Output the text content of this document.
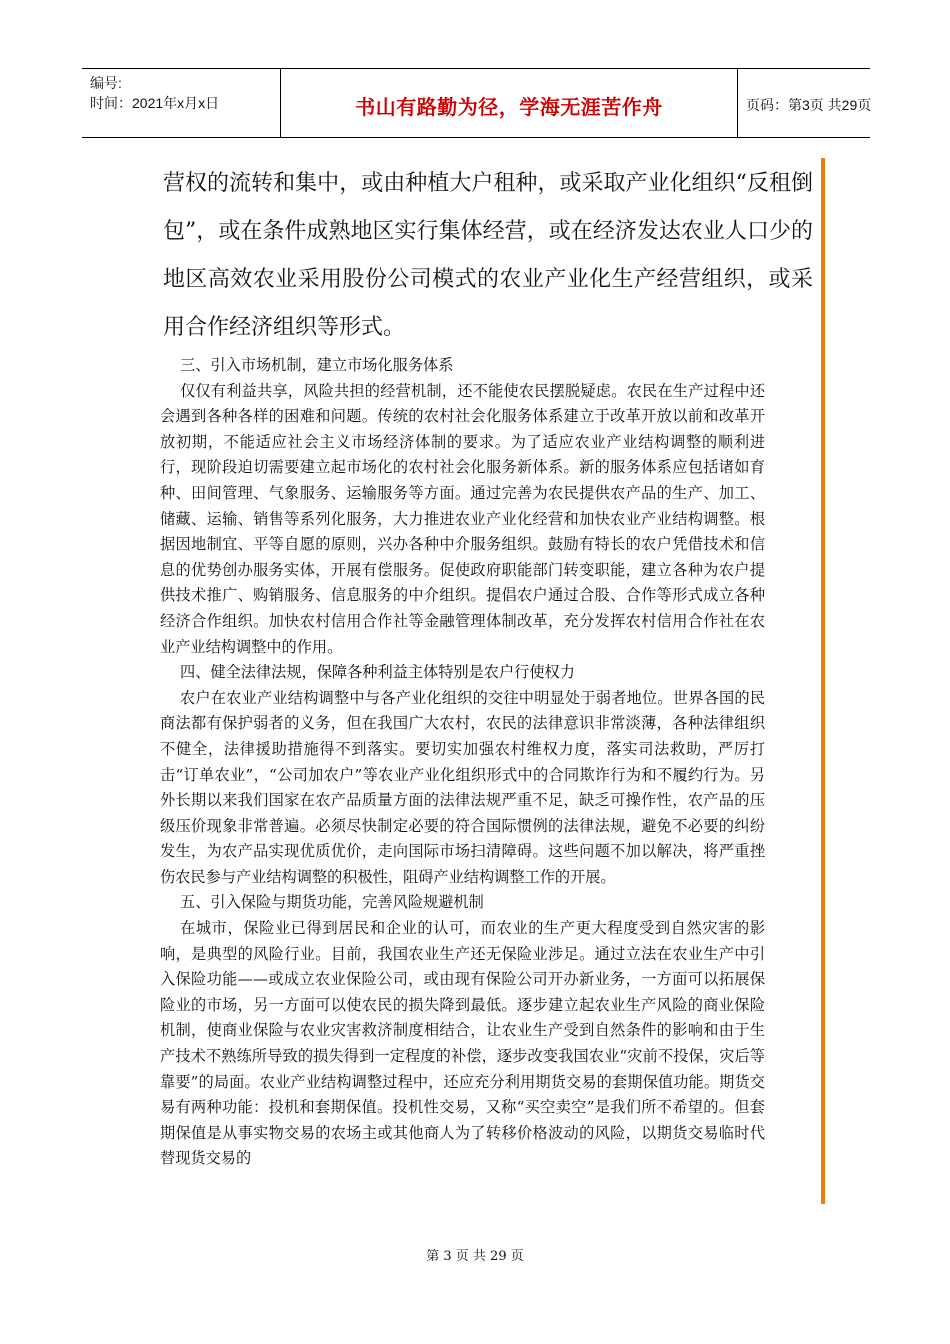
编号:
时间：2021年x月x日	书山有路勤为径，学海无涯苦作舟	页码：第3页 共29页

营权的流转和集中，或由种植大户租种，或采取产业化组织“反租倒包”，或在条件成熟地区实行集体经营，或在经济发达农业人口少的地区高效农业采用股份公司模式的农业产业化生产经营组织，或采用合作经济组织等形式。

三、引入市场机制，建立市场化服务体系

仅仅有利益共享，风险共担的经营机制，还不能使农民摆脱疑虑。农民在生产过程中还会遇到各种各样的困难和问题。传统的农村社会化服务体系建立于改革开放以前和改革开放初期，不能适应社会主义市场经济体制的要求。为了适应农业产业结构调整的顺利进行，现阶段迫切需要建立起市场化的农村社会化服务新体系。新的服务体系应包括诸如育种、田间管理、气象服务、运输服务等方面。通过完善为农民提供农产品的生产、加工、储藏、运输、销售等系列化服务，大力推进农业产业化经营和加快农业产业结构调整。根据因地制宜、平等自愿的原则，兴办各种中介服务组织。鼓励有特长的农户凭借技术和信息的优势创办服务实体，开展有偿服务。促使政府职能部门转变职能，建立各种为农户提供技术推广、购销服务、信息服务的中介组织。提倡农户通过合股、合作等形式成立各种经济合作组织。加快农村信用合作社等金融管理体制改革，充分发挥农村信用合作社在农业产业结构调整中的作用。

四、健全法律法规，保障各种利益主体特别是农户行使权力

农户在农业产业结构调整中与各产业化组织的交往中明显处于弱者地位。世界各国的民商法都有保护弱者的义务，但在我国广大农村，农民的法律意识非常淡薄，各种法律组织不健全，法律援助措施得不到落实。要切实加强农村维权力度，落实司法救助，严厉打击“订单农业”，“公司加农户”等农业产业化组织形式中的合同欺诈行为和不履约行为。另外长期以来我们国家在农产品质量方面的法律法规严重不足，缺乏可操作性，农产品的压级压价现象非常普遍。必须尽快制定必要的符合国际惯例的法律法规，避免不必要的纠纷发生，为农产品实现优质优价，走向国际市场扫清障碍。这些问题不加以解决，将严重挫伤农民参与产业结构调整的积极性，阻碍产业结构调整工作的开展。

五、引入保险与期货功能，完善风险规避机制

在城市，保险业已得到居民和企业的认可，而农业的生产更大程度受到自然灾害的影响，是典型的风险行业。目前，我国农业生产还无保险业涉足。通过立法在农业生产中引入保险功能——或成立农业保险公司，或由现有保险公司开办新业务，一方面可以拓展保险业的市场，另一方面可以使农民的损失降到最低。逐步建立起农业生产风险的商业保险机制，使商业保险与农业灾害救济制度相结合，让农业生产受到自然条件的影响和由于生产技术不熟练所导致的损失得到一定程度的补偿，逐步改变我国农业“灾前不投保，灾后等靠要”的局面。农业产业结构调整过程中，还应充分利用期货交易的套期保值功能。期货交易有两种功能：投机和套期保值。投机性交易，又称“买空卖空”是我们所不希望的。但套期保值是从事实物交易的农场主或其他商人为了转移价格波动的风险，以期货交易临时代替现货交易的

第 3 页 共 29 页
